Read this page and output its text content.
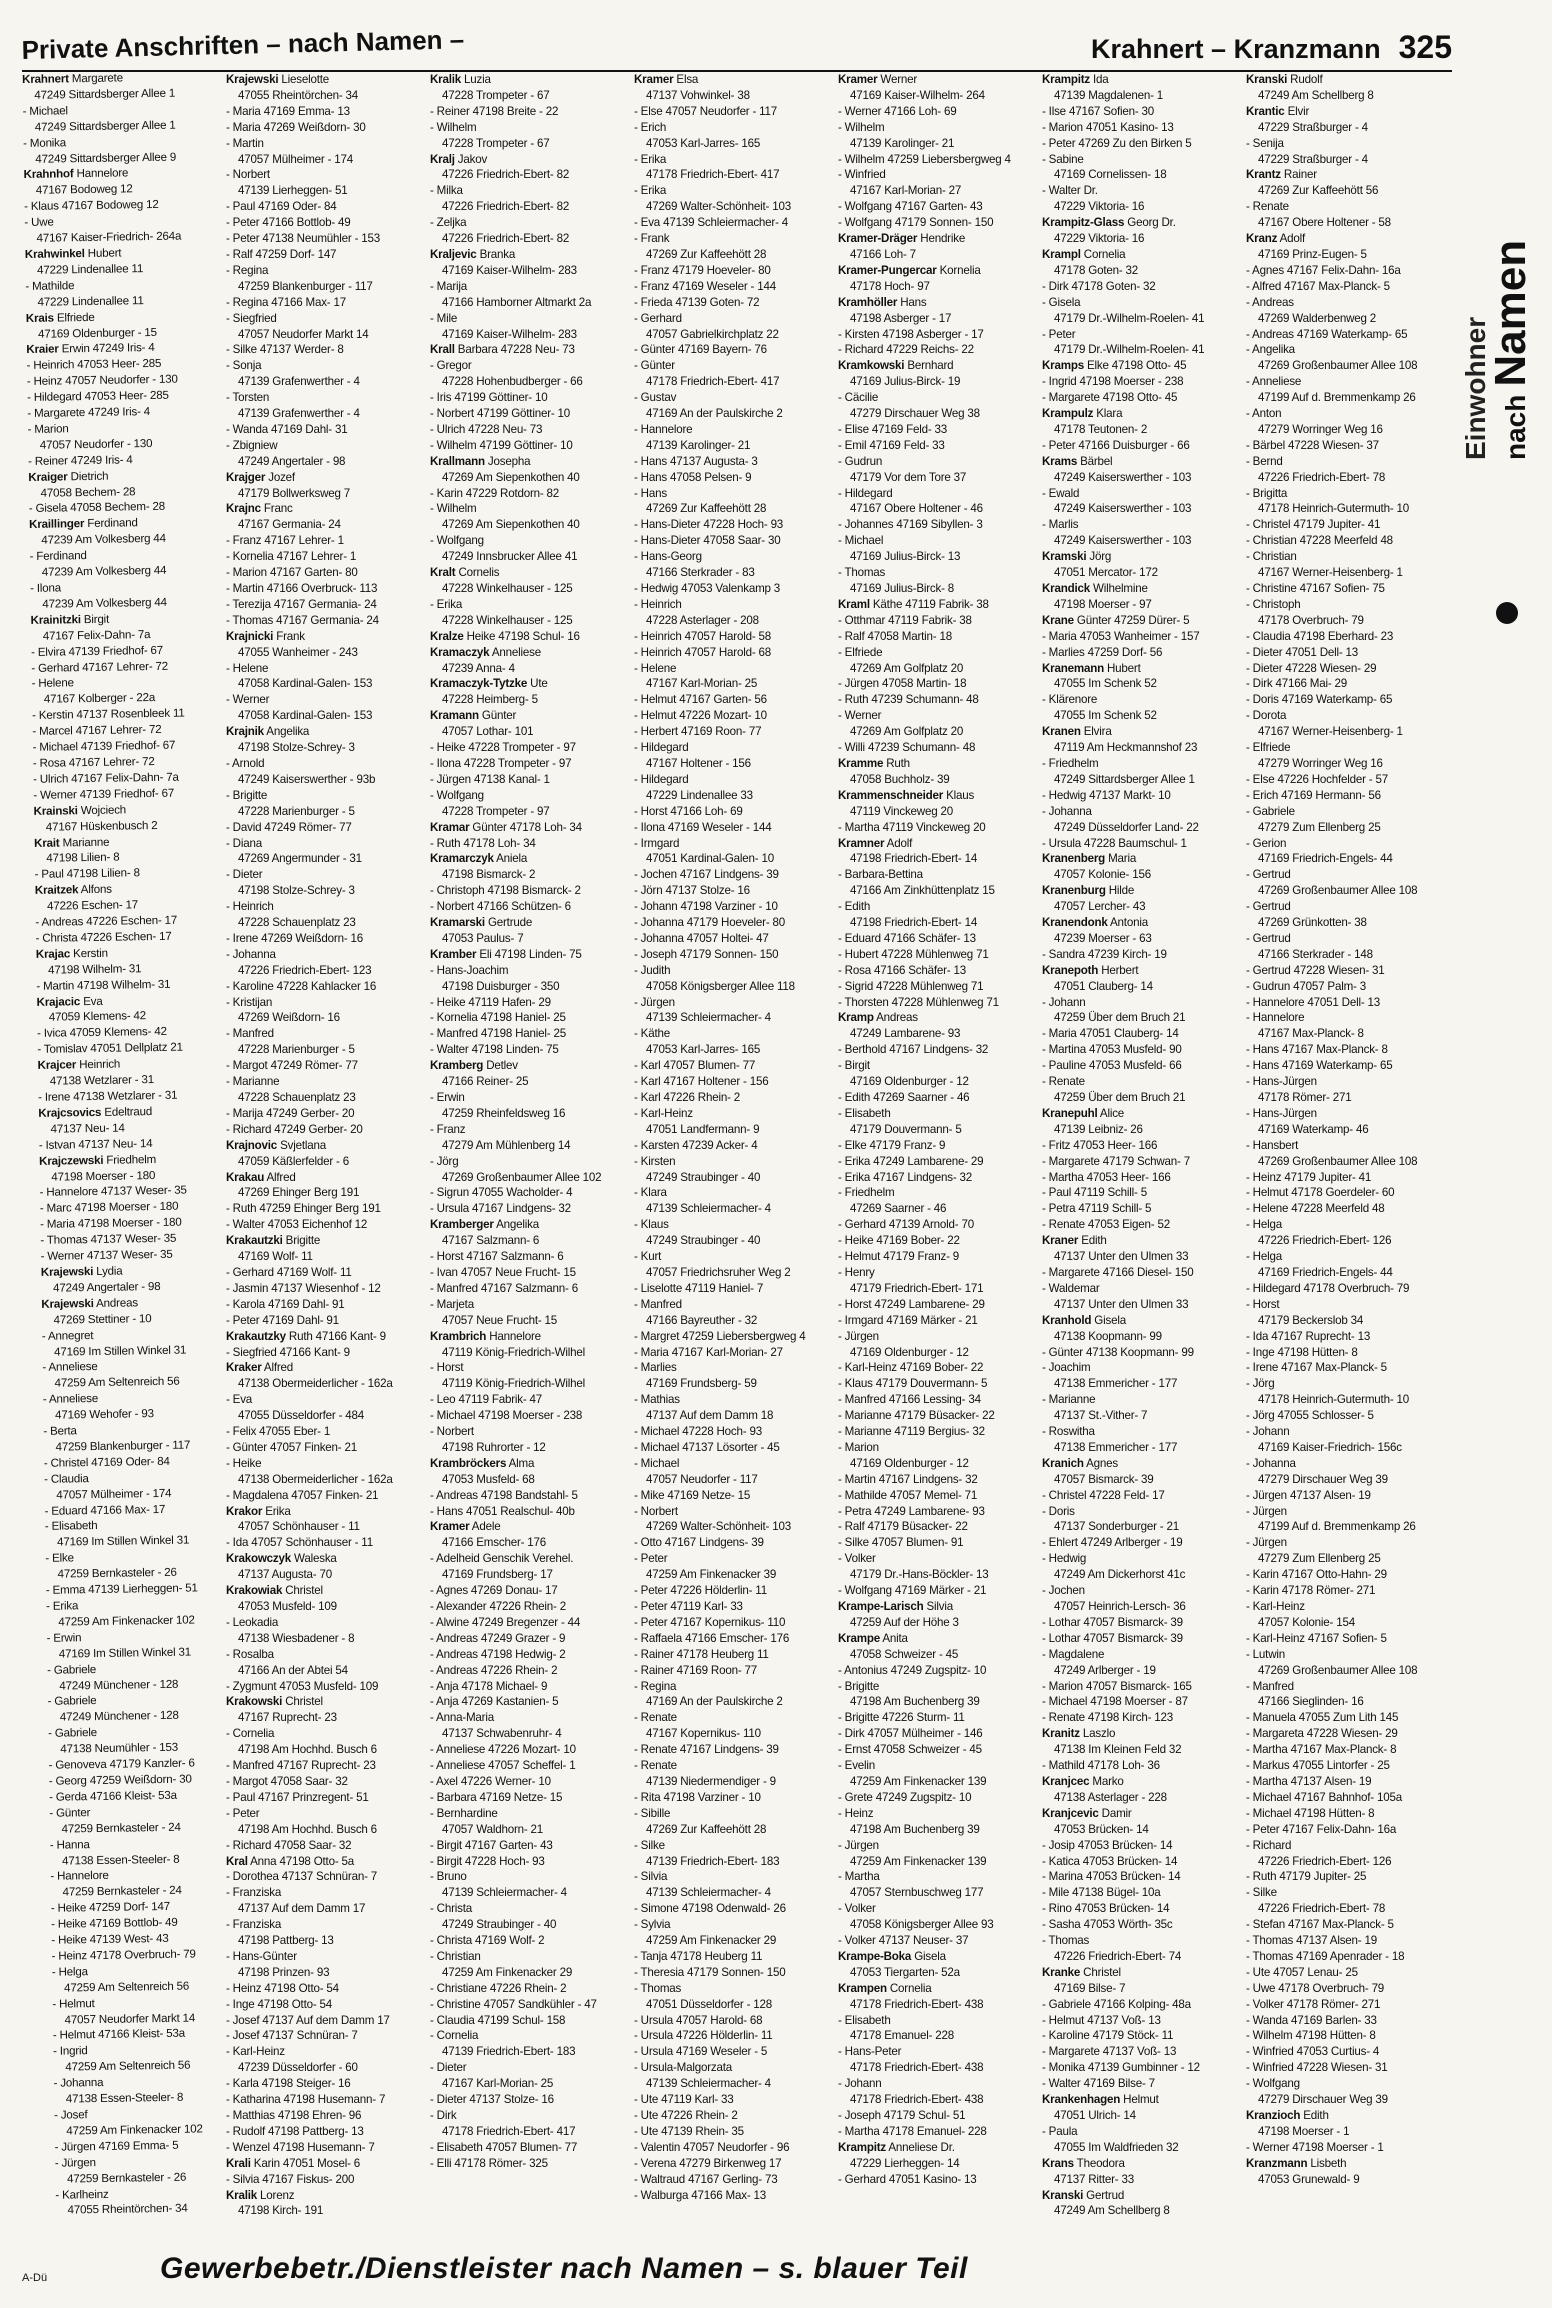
Private Anschriften – nach Namen –	Krahnert – Kranzmann 325
Krahnert Margarete
47249 Sittardsberger Allee 1
- Michael
47249 Sittardsberger Allee 1
- Monika
47249 Sittardsberger Allee 9
Krahnhof Hannelore
47167 Bodoweg 12
- Klaus 47167 Bodoweg 12
- Uwe
47167 Kaiser-Friedrich- 264a
Krahwinkel Hubert
47229 Lindenallee 11
- Mathilde
47229 Lindenallee 11
Krais Elfriede
47169 Oldenburger - 15
Kraier Erwin 47249 Iris- 4
- Heinrich 47053 Heer- 285
- Heinz 47057 Neudorfer - 130
- Hildegard 47053 Heer- 285
- Margarete 47249 Iris- 4
- Marion
47057 Neudorfer - 130
- Reiner 47249 Iris- 4
Kraiger Dietrich
47058 Bechem- 28
- Gisela 47058 Bechem- 28
Kraillinger Ferdinand
47239 Am Volkesberg 44
- Ferdinand
47239 Am Volkesberg 44
- Ilona
47239 Am Volkesberg 44
Krainitzki Birgit
47167 Felix-Dahn- 7a
- Elvira 47139 Friedhof- 67
- Gerhard 47167 Lehrer- 72
- Helene
47167 Kolberger - 22a
- Kerstin 47137 Rosenbleek 11
- Marcel 47167 Lehrer- 72
- Michael 47139 Friedhof- 67
- Rosa 47167 Lehrer- 72
- Ulrich 47167 Felix-Dahn- 7a
- Werner 47139 Friedhof- 67
Krainski Wojciech
47167 Hüskenbusch 2
Krait Marianne
47198 Lilien- 8
- Paul 47198 Lilien- 8
Kraitzek Alfons
47226 Eschen- 17
- Andreas 47226 Eschen- 17
- Christa 47226 Eschen- 17
Krajac Kerstin
47198 Wilhelm- 31
- Martin 47198 Wilhelm- 31
Krajacic Eva
47059 Klemens- 42
- Ivica 47059 Klemens- 42
- Tomislav 47051 Dellplatz 21
Krajcer Heinrich
47138 Wetzlarer - 31
- Irene 47138 Wetzlarer - 31
Krajcsovics Edeltraud
47137 Neu- 14
- Istvan 47137 Neu- 14
Krajczewski Friedhelm
47198 Moerser - 180
- Hannelore 47137 Weser- 35
- Marc 47198 Moerser - 180
- Maria 47198 Moerser - 180
- Thomas 47137 Weser- 35
- Werner 47137 Weser- 35
Krajewski Lydia
47249 Angertaler - 98
Krajewski Andreas
47269 Stettiner - 10
- Annegret
47169 Im Stillen Winkel 31
- Anneliese
47259 Am Seltenreich 56
- Anneliese
47169 Wehofer - 93
- Berta
47259 Blankenburger - 117
- Christel 47169 Oder- 84
- Claudia
47057 Mülheimer - 174
- Eduard 47166 Max- 17
- Elisabeth
47169 Im Stillen Winkel 31
- Elke
47259 Bernkasteler - 26
- Emma 47139 Lierheggen- 51
- Erika
47259 Am Finkenacker 102
- Erwin
47169 Im Stillen Winkel 31
- Gabriele
47249 Münchener - 128
- Gabriele
47249 Münchener - 128
- Gabriele
47138 Neumühler - 153
- Genoveva 47179 Kanzler- 6
- Georg 47259 Weißdorn- 30
- Gerda 47166 Kleist- 53a
- Günter
47259 Bernkasteler - 24
- Hanna
47138 Essen-Steeler- 8
- Hannelore
47259 Bernkasteler - 24
- Heike 47259 Dorf- 147
- Heike 47169 Bottlob- 49
- Heike 47139 West- 43
- Heinz 47178 Overbruch- 79
- Helga
47259 Am Seltenreich 56
- Helmut
47057 Neudorfer Markt 14
- Helmut 47166 Kleist- 53a
- Ingrid
47259 Am Seltenreich 56
- Johanna
47138 Essen-Steeler- 8
- Josef
47259 Am Finkenacker 102
- Jürgen 47169 Emma- 5
- Jürgen
47259 Bernkasteler - 26
- Karlheinz
47055 Rheintörchen- 34
Krajewski Lieselotte
47055 Rheintörchen- 34
- Maria 47169 Emma- 13
- Maria 47269 Weißdorn- 30
- Martin
47057 Mülheimer - 174
- Norbert
47139 Lierheggen- 51
- Paul 47169 Oder- 84
- Peter 47166 Bottlob- 49
- Peter 47138 Neumühler - 153
- Ralf 47259 Dorf- 147
- Regina
47259 Blankenburger - 117
- Regina 47166 Max- 17
- Siegfried
47057 Neudorfer Markt 14
- Silke 47137 Werder- 8
- Sonja
47139 Grafenwerther - 4
- Torsten
47139 Grafenwerther - 4
- Wanda 47169 Dahl- 31
- Zbigniew
47249 Angertaler - 98
Krajger Jozef
47179 Bollwerksweg 7
Krajnc Franc
47167 Germania- 24
- Franz 47167 Lehrer- 1
- Kornelia 47167 Lehrer- 1
- Marion 47167 Garten- 80
- Martin 47166 Overbruck- 113
- Terezija 47167 Germania- 24
- Thomas 47167 Germania- 24
Krajnicki Frank
47055 Wanheimer - 243
- Helene
47058 Kardinal-Galen- 153
- Werner
47058 Kardinal-Galen- 153
Krajnik Angelika
47198 Stolze-Schrey- 3
- Arnold
47249 Kaiserswerther - 93b
- Brigitte
47228 Marienburger - 5
- David 47249 Römer- 77
- Diana
47269 Angermunder - 31
- Dieter
47198 Stolze-Schrey- 3
- Heinrich
47228 Schauenplatz 23
- Irene 47269 Weißdorn- 16
- Johanna
47226 Friedrich-Ebert- 123
- Karoline 47228 Kahlacker 16
- Kristijan
47269 Weißdorn- 16
- Manfred
47228 Marienburger - 5
- Margot 47249 Römer- 77
- Marianne
47228 Schauenplatz 23
- Marija 47249 Gerber- 20
- Richard 47249 Gerber- 20
Krajnovic Svjetlana
47059 Käßlerfelder - 6
Krakau Alfred
47269 Ehinger Berg 191
- Ruth 47259 Ehinger Berg 191
- Walter 47053 Eichenhof 12
Krakautzki Brigitte
47169 Wolf- 11
- Gerhard 47169 Wolf- 11
- Jasmin 47137 Wiesenhof - 12
- Karola 47169 Dahl- 91
- Peter 47169 Dahl- 91
Krakautzky Ruth 47166 Kant- 9
- Siegfried 47166 Kant- 9
Kraker Alfred
47138 Obermeiderlicher - 162a
- Eva
47055 Düsseldorfer - 484
- Felix 47055 Eber- 1
- Günter 47057 Finken- 21
- Heike
47138 Obermeiderlicher - 162a
- Magdalena 47057 Finken- 21
Krakor Erika
47057 Schönhauser - 11
- Ida 47057 Schönhauser - 11
Krakowczyk Waleska
47137 Augusta- 70
Krakowiak Christel
47053 Musfeld- 109
- Leokadia
47138 Wiesbadener - 8
- Rosalba
47166 An der Abtei 54
- Zygmunt 47053 Musfeld- 109
Krakowski Christel
47167 Ruprecht- 23
- Cornelia
47198 Am Hochhd. Busch 6
- Manfred 47167 Ruprecht- 23
- Margot 47058 Saar- 32
- Paul 47167 Prinzregent- 51
- Peter
47198 Am Hochhd. Busch 6
- Richard 47058 Saar- 32
Kral Anna 47198 Otto- 5a
- Dorothea 47137 Schnüran- 7
- Franziska
47137 Auf dem Damm 17
- Franziska
47198 Pattberg- 13
- Hans-Günter
47198 Prinzen- 93
- Heinz 47198 Otto- 54
- Inge 47198 Otto- 54
- Josef 47137 Auf dem Damm 17
- Josef 47137 Schnüran- 7
- Karl-Heinz
47239 Düsseldorfer - 60
- Karla 47198 Steiger- 16
- Katharina 47198 Husemann- 7
- Matthias 47198 Ehren- 96
- Rudolf 47198 Pattberg- 13
- Wenzel 47198 Husemann- 7
Krali Karin 47051 Mosel- 6
- Silvia 47167 Fiskus- 200
Kralik Lorenz
47198 Kirch- 191
Kralik Luzia
47228 Trompeter - 67
- Reiner 47198 Breite - 22
- Wilhelm
47228 Trompeter - 67
Kralj Jakov
47226 Friedrich-Ebert- 82
- Milka
47226 Friedrich-Ebert- 82
- Zeljka
47226 Friedrich-Ebert- 82
Kraljevic Branka
47169 Kaiser-Wilhelm- 283
- Marija
47166 Hamborner Altmarkt 2a
- Mile
47169 Kaiser-Wilhelm- 283
Krall Barbara 47228 Neu- 73
- Gregor
47228 Hohenbudberger - 66
- Iris 47199 Göttiner- 10
- Norbert 47199 Göttiner- 10
- Ulrich 47228 Neu- 73
- Wilhelm 47199 Göttiner- 10
Krallmann Josepha
47269 Am Siepenkothen 40
- Karin 47229 Rotdorn- 82
- Wilhelm
47269 Am Siepenkothen 40
- Wolfgang
47249 Innsbrucker Allee 41
Kralt Cornelis
47228 Winkelhauser - 125
- Erika
47228 Winkelhauser - 125
Kralze Heike 47198 Schul- 16
Kramaczyk Anneliese
47239 Anna- 4
Kramaczyk-Tytzke Ute
47228 Heimberg- 5
Kramann Günter
47057 Lothar- 101
- Heike 47228 Trompeter - 97
- Ilona 47228 Trompeter - 97
- Jürgen 47138 Kanal- 1
- Wolfgang
47228 Trompeter - 97
Kramar Günter 47178 Loh- 34
- Ruth 47178 Loh- 34
Kramarczyk Aniela
47198 Bismarck- 2
- Christoph 47198 Bismarck- 2
- Norbert 47166 Schützen- 6
Kramarski Gertrude
47053 Paulus- 7
Kramber Eli 47198 Linden- 75
- Hans-Joachim
47198 Duisburger - 350
- Heike 47119 Hafen- 29
- Kornelia 47198 Haniel- 25
- Manfred 47198 Haniel- 25
- Walter 47198 Linden- 75
Kramberg Detlev
47166 Reiner- 25
- Erwin
47259 Rheinfeldsweg 16
- Franz
47279 Am Mühlenberg 14
- Jörg
47269 Großenbaumer Allee 102
- Sigrun 47055 Wacholder- 4
- Ursula 47167 Lindgens- 32
Kramberger Angelika
47167 Salzmann- 6
- Horst 47167 Salzmann- 6
- Ivan 47057 Neue Frucht- 15
- Manfred 47167 Salzmann- 6
- Marjeta
47057 Neue Frucht- 15
Krambrich Hannelore
47119 König-Friedrich-Wilhel
- Horst
47119 König-Friedrich-Wilhel
- Leo 47119 Fabrik- 47
- Michael 47198 Moerser - 238
- Norbert
47198 Ruhrorter - 12
Krambröckers Alma
47053 Musfeld- 68
- Andreas 47198 Bandstahl- 5
- Hans 47051 Realschul- 40b
Kramer Adele
47166 Emscher- 176
- Adelheid Genschik Verehel.
47169 Frundsberg- 17
- Agnes 47269 Donau- 17
- Alexander 47226 Rhein- 2
- Alwine 47249 Bregenzer - 44
- Andreas 47249 Grazer - 9
- Andreas 47198 Hedwig- 2
- Andreas 47226 Rhein- 2
- Anja 47178 Michael- 9
- Anja 47269 Kastanien- 5
- Anna-Maria
47137 Schwabenruhr- 4
- Anneliese 47226 Mozart- 10
- Anneliese 47057 Scheffel- 1
- Axel 47226 Werner- 10
- Barbara 47169 Netze- 15
- Bernhardine
47057 Waldhorn- 21
- Birgit 47167 Garten- 43
- Birgit 47228 Hoch- 93
- Bruno
47139 Schleiermacher- 4
- Christa
47249 Straubinger - 40
- Christa 47169 Wolf- 2
- Christian
47259 Am Finkenacker 29
- Christiane 47226 Rhein- 2
- Christine 47057 Sandkühler - 47
- Claudia 47199 Schul- 158
- Cornelia
47139 Friedrich-Ebert- 183
- Dieter
47167 Karl-Morian- 25
- Dieter 47137 Stolze- 16
- Dirk
47178 Friedrich-Ebert- 417
- Elisabeth 47057 Blumen- 77
- Elli 47178 Römer- 325
Kramer Elsa
47137 Vohwinkel- 38
- Else 47057 Neudorfer - 117
- Erich
47053 Karl-Jarres- 165
- Erika
47178 Friedrich-Ebert- 417
- Erika
47269 Walter-Schönheit- 103
- Eva 47139 Schleiermacher- 4
- Frank
47269 Zur Kaffeehött 28
- Franz 47179 Hoeveler- 80
- Franz 47169 Weseler - 144
- Frieda 47139 Goten- 72
- Gerhard
47057 Gabrielkirchplatz 22
- Günter 47169 Bayern- 76
- Günter
47178 Friedrich-Ebert- 417
- Gustav
47169 An der Paulskirche 2
- Hannelore
47139 Karolinger- 21
- Hans 47137 Augusta- 3
- Hans 47058 Pelsen- 9
- Hans
47269 Zur Kaffeehött 28
- Hans-Dieter 47228 Hoch- 93
- Hans-Dieter 47058 Saar- 30
- Hans-Georg
47166 Sterkrader - 83
- Hedwig 47053 Valenkamp 3
- Heinrich
47228 Asterlager - 208
- Heinrich 47057 Harold- 58
- Heinrich 47057 Harold- 68
- Helene
47167 Karl-Morian- 25
- Helmut 47167 Garten- 56
- Helmut 47226 Mozart- 10
- Herbert 47169 Roon- 77
- Hildegard
47167 Holtener - 156
- Hildegard
47229 Lindenallee 33
- Horst 47166 Loh- 69
- Ilona 47169 Weseler - 144
- Irmgard
47051 Kardinal-Galen- 10
- Jochen 47167 Lindgens- 39
- Jörn 47137 Stolze- 16
- Johann 47198 Varziner - 10
- Johanna 47179 Hoeveler- 80
- Johanna 47057 Holtei- 47
- Joseph 47179 Sonnen- 150
- Judith
47058 Königsberger Allee 118
- Jürgen
47139 Schleiermacher- 4
- Käthe
47053 Karl-Jarres- 165
- Karl 47057 Blumen- 77
- Karl 47167 Holtener - 156
- Karl 47226 Rhein- 2
- Karl-Heinz
47051 Landfermann- 9
- Karsten 47239 Acker- 4
- Kirsten
47249 Straubinger - 40
- Klara
47139 Schleiermacher- 4
- Klaus
47249 Straubinger - 40
- Kurt
47057 Friedrichsruher Weg 2
- Liselotte 47119 Haniel- 7
- Manfred
47166 Bayreuther - 32
- Margret 47259 Liebersbergweg 4
- Maria 47167 Karl-Morian- 27
- Marlies
47169 Frundsberg- 59
- Mathias
47137 Auf dem Damm 18
- Michael 47228 Hoch- 93
- Michael 47137 Lösorter - 45
- Michael
47057 Neudorfer - 117
- Mike 47169 Netze- 15
- Norbert
47269 Walter-Schönheit- 103
- Otto 47167 Lindgens- 39
- Peter
47259 Am Finkenacker 39
- Peter 47226 Hölderlin- 11
- Peter 47119 Karl- 33
- Peter 47167 Kopernikus- 110
- Raffaela 47166 Emscher- 176
- Rainer 47178 Heuberg 11
- Rainer 47169 Roon- 77
- Regina
47169 An der Paulskirche 2
- Renate
47167 Kopernikus- 110
- Renate 47167 Lindgens- 39
- Renate
47139 Niedermendiger - 9
- Rita 47198 Varziner - 10
- Sibille
47269 Zur Kaffeehött 28
- Silke
47139 Friedrich-Ebert- 183
- Silvia
47139 Schleiermacher- 4
- Simone 47198 Odenwald- 26
- Sylvia
47259 Am Finkenacker 29
- Tanja 47178 Heuberg 11
- Theresia 47179 Sonnen- 150
- Thomas
47051 Düsseldorfer - 128
- Ursula 47057 Harold- 68
- Ursula 47226 Hölderlin- 11
- Ursula 47169 Weseler - 5
- Ursula-Malgorzata
47139 Schleiermacher- 4
- Ute 47119 Karl- 33
- Ute 47226 Rhein- 2
- Ute 47139 Rhein- 35
- Valentin 47057 Neudorfer - 96
- Verena 47279 Birkenweg 17
- Waltraud 47167 Gerling- 73
- Walburga 47166 Max- 13
Kramer Werner
47169 Kaiser-Wilhelm- 264
- Werner 47166 Loh- 69
- Wilhelm
47139 Karolinger- 21
- Wilhelm 47259 Liebersbergweg 4
- Winfried
47167 Karl-Morian- 27
- Wolfgang 47167 Garten- 43
- Wolfgang 47179 Sonnen- 150
Kramer-Dräger Hendrike
47166 Loh- 7
Kramer-Pungercar Kornelia
47178 Hoch- 97
Kramhöller Hans
47198 Asberger - 17
- Kirsten 47198 Asberger - 17
- Richard 47229 Reichs- 22
Kramkowski Bernhard
47169 Julius-Birck- 19
- Cäcilie
47279 Dirschauer Weg 38
- Elise 47169 Feld- 33
- Emil 47169 Feld- 33
- Gudrun
47179 Vor dem Tore 37
- Hildegard
47167 Obere Holtener - 46
- Johannes 47169 Sibyllen- 3
- Michael
47169 Julius-Birck- 13
- Thomas
47169 Julius-Birck- 8
Kraml Käthe 47119 Fabrik- 38
- Otthmar 47119 Fabrik- 38
- Ralf 47058 Martin- 18
- Elfriede
47269 Am Golfplatz 20
- Jürgen 47058 Martin- 18
- Ruth 47239 Schumann- 48
- Werner
47269 Am Golfplatz 20
- Willi 47239 Schumann- 48
Kramme Ruth
47058 Buchholz- 39
Krammenschneider Klaus
47119 Vinckeweg 20
- Martha 47119 Vinckeweg 20
Kramner Adolf
47198 Friedrich-Ebert- 14
- Barbara-Bettina
47166 Am Zinkhüttenplatz 15
- Edith
47198 Friedrich-Ebert- 14
- Eduard 47166 Schäfer- 13
- Hubert 47228 Mühlenweg 71
- Rosa 47166 Schäfer- 13
- Sigrid 47228 Mühlenweg 71
- Thorsten 47228 Mühlenweg 71
Kramp Andreas
47249 Lambarene- 93
- Berthold 47167 Lindgens- 32
- Birgit
47169 Oldenburger - 12
- Edith 47269 Saarner - 46
- Elisabeth
47179 Douvermann- 5
- Elke 47179 Franz- 9
- Erika 47249 Lambarene- 29
- Erika 47167 Lindgens- 32
- Friedhelm
47269 Saarner - 46
- Gerhard 47139 Arnold- 70
- Heike 47169 Bober- 22
- Helmut 47179 Franz- 9
- Henry
47179 Friedrich-Ebert- 171
- Horst 47249 Lambarene- 29
- Irmgard 47169 Märker - 21
- Jürgen
47169 Oldenburger - 12
- Karl-Heinz 47169 Bober- 22
- Klaus 47179 Douvermann- 5
- Manfred 47166 Lessing- 34
- Marianne 47179 Büsacker- 22
- Marianne 47119 Bergius- 32
- Marion
47169 Oldenburger - 12
- Martin 47167 Lindgens- 32
- Mathilde 47057 Memel- 71
- Petra 47249 Lambarene- 93
- Ralf 47179 Büsacker- 22
- Silke 47057 Blumen- 91
- Volker
47179 Dr.-Hans-Böckler- 13
- Wolfgang 47169 Märker - 21
Krampe-Larisch Silvia
47259 Auf der Höhe 3
Krampe Anita
47058 Schweizer - 45
- Antonius 47249 Zugspitz- 10
- Brigitte
47198 Am Buchenberg 39
- Brigitte 47226 Sturm- 11
- Dirk 47057 Mülheimer - 146
- Ernst 47058 Schweizer - 45
- Evelin
47259 Am Finkenacker 139
- Grete 47249 Zugspitz- 10
- Heinz
47198 Am Buchenberg 39
- Jürgen
47259 Am Finkenacker 139
- Martha
47057 Sternbuschweg 177
- Volker
47058 Königsberger Allee 93
- Volker 47137 Neuser- 37
Krampe-Boka Gisela
47053 Tiergarten- 52a
Krampen Cornelia
47178 Friedrich-Ebert- 438
- Elisabeth
47178 Emanuel- 228
- Hans-Peter
47178 Friedrich-Ebert- 438
- Johann
47178 Friedrich-Ebert- 438
- Joseph 47179 Schul- 51
- Martha 47178 Emanuel- 228
Krampitz Anneliese Dr.
47229 Lierheggen- 14
- Gerhard 47051 Kasino- 13
Krampitz Ida
47139 Magdalenen- 1
- Ilse 47167 Sofien- 30
- Marion 47051 Kasino- 13
- Peter 47269 Zu den Birken 5
- Sabine
47169 Cornelissen- 18
- Walter Dr.
47229 Viktoria- 16
Krampitz-Glass Georg Dr.
47229 Viktoria- 16
Krampl Cornelia
47178 Goten- 32
- Dirk 47178 Goten- 32
- Gisela
47179 Dr.-Wilhelm-Roelen- 41
- Peter
47179 Dr.-Wilhelm-Roelen- 41
Kramps Elke 47198 Otto- 45
- Ingrid 47198 Moerser - 238
- Margarete 47198 Otto- 45
Krampulz Klara
47178 Teutonen- 2
- Peter 47166 Duisburger - 66
Krams Bärbel
47249 Kaiserswerther - 103
- Ewald
47249 Kaiserswerther - 103
- Marlis
47249 Kaiserswerther - 103
Kramski Jörg
47051 Mercator- 172
Krandick Wilhelmine
47198 Moerser - 97
Krane Günter 47259 Dürer- 5
- Maria 47053 Wanheimer - 157
- Marlies 47259 Dorf- 56
Kranemann Hubert
47055 Im Schenk 52
- Klärenore
47055 Im Schenk 52
Kranen Elvira
47119 Am Heckmannshof 23
- Friedhelm
47249 Sittardsberger Allee 1
- Hedwig 47137 Markt- 10
- Johanna
47249 Düsseldorfer Land- 22
- Ursula 47228 Baumschul- 1
Kranenberg Maria
47057 Kolonie- 156
Kranenburg Hilde
47057 Lercher- 43
Kranendonk Antonia
47239 Moerser - 63
- Sandra 47239 Kirch- 19
Kranepoth Herbert
47051 Clauberg- 14
- Johann
47259 Über dem Bruch 21
- Maria 47051 Clauberg- 14
- Martina 47053 Musfeld- 90
- Pauline 47053 Musfeld- 66
- Renate
47259 Über dem Bruch 21
Kranepuhl Alice
47139 Leibniz- 26
- Fritz 47053 Heer- 166
- Margarete 47179 Schwan- 7
- Martha 47053 Heer- 166
- Paul 47119 Schill- 5
- Petra 47119 Schill- 5
- Renate 47053 Eigen- 52
Kraner Edith
47137 Unter den Ulmen 33
- Margarete 47166 Diesel- 150
- Waldemar
47137 Unter den Ulmen 33
Kranhold Gisela
47138 Koopmann- 99
- Günter 47138 Koopmann- 99
- Joachim
47138 Emmericher - 177
- Marianne
47137 St.-Vither- 7
- Roswitha
47138 Emmericher - 177
Kranich Agnes
47057 Bismarck- 39
- Christel 47228 Feld- 17
- Doris
47137 Sonderburger - 21
- Ehlert 47249 Arlberger - 19
- Hedwig
47249 Am Dickerhorst 41c
- Jochen
47057 Heinrich-Lersch- 36
- Lothar 47057 Bismarck- 39
- Lothar 47057 Bismarck- 39
- Magdalene
47249 Arlberger - 19
- Marion 47057 Bismarck- 165
- Michael 47198 Moerser - 87
- Renate 47198 Kirch- 123
Kranitz Laszlo
47138 Im Kleinen Feld 32
- Mathild 47178 Loh- 36
Kranjcec Marko
47138 Asterlager - 228
Kranjcevic Damir
47053 Brücken- 14
- Josip 47053 Brücken- 14
- Katica 47053 Brücken- 14
- Marina 47053 Brücken- 14
- Mile 47138 Bügel- 10a
- Rino 47053 Brücken- 14
- Sasha 47053 Wörth- 35c
- Thomas
47226 Friedrich-Ebert- 74
Kranke Christel
47169 Bilse- 7
- Gabriele 47166 Kolping- 48a
- Helmut 47137 Voß- 13
- Karoline 47179 Stöck- 11
- Margarete 47137 Voß- 13
- Monika 47139 Gumbinner - 12
- Walter 47169 Bilse- 7
Krankenhagen Helmut
47051 Ulrich- 14
- Paula
47055 Im Waldfrieden 32
Krans Theodora
47137 Ritter- 33
Kranski Gertrud
47249 Am Schellberg 8
Kranski Rudolf
47249 Am Schellberg 8
Krantic Elvir
47229 Straßburger - 4
- Senija
47229 Straßburger - 4
Krantz Rainer
47269 Zur Kaffeehött 56
- Renate
47167 Obere Holtener - 58
Kranz Adolf
47169 Prinz-Eugen- 5
- Agnes 47167 Felix-Dahn- 16a
- Alfred 47167 Max-Planck- 5
- Andreas
47269 Walderbenweg 2
- Andreas 47169 Waterkamp- 65
- Angelika
47269 Großenbaumer Allee 108
- Anneliese
47199 Auf d. Bremmenkamp 26
- Anton
47279 Worringer Weg 16
- Bärbel 47228 Wiesen- 37
- Bernd
47226 Friedrich-Ebert- 78
- Brigitta
47178 Heinrich-Gutermuth- 10
- Christel 47179 Jupiter- 41
- Christian 47228 Meerfeld 48
- Christian
47167 Werner-Heisenberg- 1
- Christine 47167 Sofien- 75
- Christoph
47178 Overbruch- 79
- Claudia 47198 Eberhard- 23
- Dieter 47051 Dell- 13
- Dieter 47228 Wiesen- 29
- Dirk 47166 Mai- 29
- Doris 47169 Waterkamp- 65
- Dorota
47167 Werner-Heisenberg- 1
- Elfriede
47279 Worringer Weg 16
- Else 47226 Hochfelder - 57
- Erich 47169 Hermann- 56
- Gabriele
47279 Zum Ellenberg 25
- Gerion
47169 Friedrich-Engels- 44
- Gertrud
47269 Großenbaumer Allee 108
- Gertrud
47269 Grünkotten- 38
- Gertrud
47166 Sterkrader - 148
- Gertrud 47228 Wiesen- 31
- Gudrun 47057 Palm- 3
- Hannelore 47051 Dell- 13
- Hannelore
47167 Max-Planck- 8
- Hans 47167 Max-Planck- 8
- Hans 47169 Waterkamp- 65
- Hans-Jürgen
47178 Römer- 271
- Hans-Jürgen
47169 Waterkamp- 46
- Hansbert
47269 Großenbaumer Allee 108
- Heinz 47179 Jupiter- 41
- Helmut 47178 Goerdeler- 60
- Helene 47228 Meerfeld 48
- Helga
47226 Friedrich-Ebert- 126
- Helga
47169 Friedrich-Engels- 44
- Hildegard 47178 Overbruch- 79
- Horst
47179 Beckerslob 34
- Ida 47167 Ruprecht- 13
- Inge 47198 Hütten- 8
- Irene 47167 Max-Planck- 5
- Jörg
47178 Heinrich-Gutermuth- 10
- Jörg 47055 Schlosser- 5
- Johann
47169 Kaiser-Friedrich- 156c
- Johanna
47279 Dirschauer Weg 39
- Jürgen 47137 Alsen- 19
- Jürgen
47199 Auf d. Bremmenkamp 26
- Jürgen
47279 Zum Ellenberg 25
- Karin 47167 Otto-Hahn- 29
- Karin 47178 Römer- 271
- Karl-Heinz
47057 Kolonie- 154
- Karl-Heinz 47167 Sofien- 5
- Lutwin
47269 Großenbaumer Allee 108
- Manfred
47166 Sieglinden- 16
- Manuela 47055 Zum Lith 145
- Margareta 47228 Wiesen- 29
- Martha 47167 Max-Planck- 8
- Markus 47055 Lintorfer - 25
- Martha 47137 Alsen- 19
- Michael 47167 Bahnhof- 105a
- Michael 47198 Hütten- 8
- Peter 47167 Felix-Dahn- 16a
- Richard
47226 Friedrich-Ebert- 126
- Ruth 47179 Jupiter- 25
- Silke
47226 Friedrich-Ebert- 78
- Stefan 47167 Max-Planck- 5
- Thomas 47137 Alsen- 19
- Thomas 47169 Apenrader - 18
- Ute 47057 Lenau- 25
- Uwe 47178 Overbruch- 79
- Volker 47178 Römer- 271
- Wanda 47169 Barlen- 33
- Wilhelm 47198 Hütten- 8
- Winfried 47053 Curtius- 4
- Winfried 47228 Wiesen- 31
- Wolfgang
47279 Dirschauer Weg 39
Kranzioch Edith
47198 Moerser - 1
- Werner 47198 Moerser - 1
Kranzmann Lisbeth
47053 Grunewald- 9
Einwohner nachNamen
A-Dü	Gewerbebetr./Dienstleister nach Namen – s. blauer Teil
